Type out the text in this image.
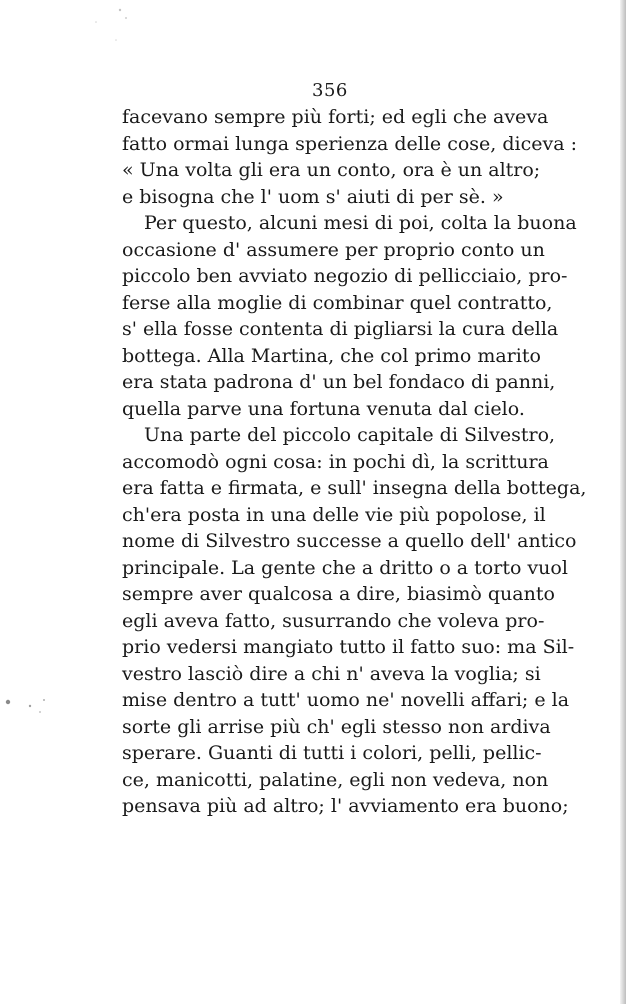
356
facevano sempre più forti; ed egli che aveva
fatto ormai lunga sperienza delle cose, diceva :
« Una volta gli era un conto, ora è un altro;
e bisogna che l' uom s' aiuti di per sè. »
Per questo, alcuni mesi di poi, colta la buona
occasione d' assumere per proprio conto un
piccolo ben avviato negozio di pellicciaio, pro-
ferse alla moglie di combinar quel contratto,
s' ella fosse contenta di pigliarsi la cura della
bottega. Alla Martina, che col primo marito
era stata padrona d' un bel fondaco di panni,
quella parve una fortuna venuta dal cielo.
Una parte del piccolo capitale di Silvestro,
accomodò ogni cosa: in pochi dì, la scrittura
era fatta e firmata, e sull' insegna della bottega,
ch'era posta in una delle vie più popolose, il
nome di Silvestro successe a quello dell' antico
principale. La gente che a dritto o a torto vuol
sempre aver qualcosa a dire, biasimò quanto
egli aveva fatto, susurrando che voleva pro-
prio vedersi mangiato tutto il fatto suo: ma Sil-
vestro lasciò dire a chi n' aveva la voglia; si
mise dentro a tutt' uomo ne' novelli affari; e la
sorte gli arrise più ch' egli stesso non ardiva
sperare. Guanti di tutti i colori, pelli, pellic-
ce, manicotti, palatine, egli non vedeva, non
pensava più ad altro; l' avviamento era buono;
